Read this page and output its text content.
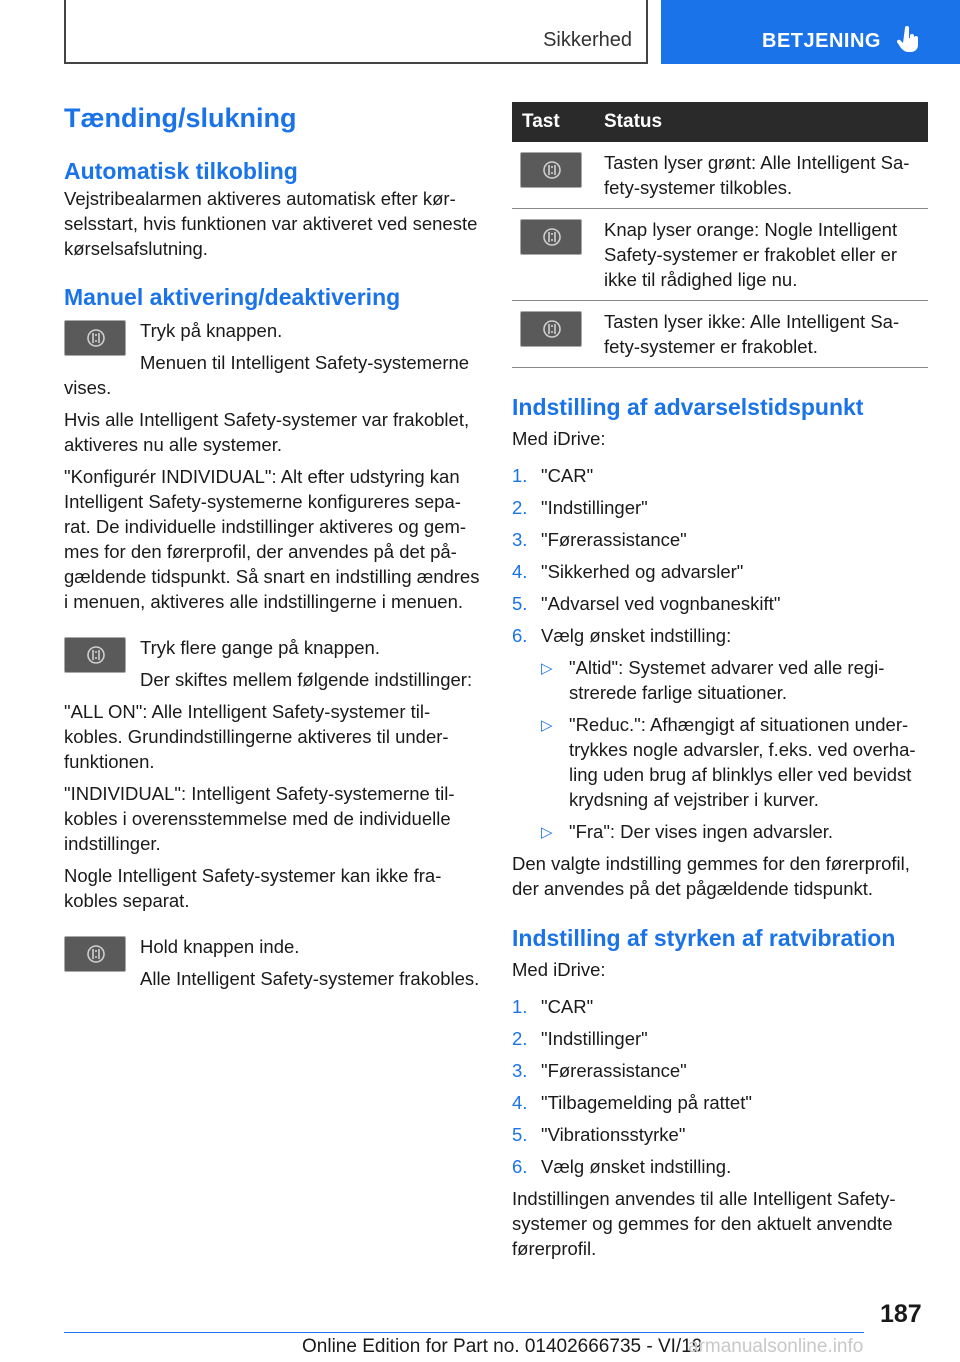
Sikkerhed	BETJENING
Tænding/slukning
Automatisk tilkobling

Vejstribealarmen aktiveres automatisk efter kørselsstart, hvis funktionen var aktiveret ved seneste kørselsafslutning.

Manuel aktivering/deaktivering

Tryk på knappen.

Menuen til Intelligent Safety-systemerne vises.

Hvis alle Intelligent Safety-systemer var frakoblet, aktiveres nu alle systemer.

"Konfigurér INDIVIDUAL": Alt efter udstyring kan Intelligent Safety-systemerne konfigureres separat. De individuelle indstillinger aktiveres og gemmes for den førerprofil, der anvendes på det pågældende tidspunkt. Så snart en indstilling ændres i menuen, aktiveres alle indstillingerne i menuen.

Tryk flere gange på knappen.

Der skiftes mellem følgende indstillinger:

"ALL ON": Alle Intelligent Safety-systemer tilkobles. Grundindstillingerne aktiveres til underfunktionen.

"INDIVIDUAL": Intelligent Safety-systemerne tilkobles i overensstemmelse med de individuelle indstillinger.

Nogle Intelligent Safety-systemer kan ikke frakobles separat.

Hold knappen inde.

Alle Intelligent Safety-systemer frakobles.

Tast	Status

	Tasten lyser grønt: Alle Intelligent Safety-systemer tilkobles.

	Knap lyser orange: Nogle Intelligent Safety-systemer er frakoblet eller er ikke til rådighed lige nu.

	Tasten lyser ikke: Alle Intelligent Safety-systemer er frakoblet.
Indstilling af advarselstidspunkt

Med iDrive:

1. "CAR"
2. "Indstillinger"
3. "Førerassistance"
4. "Sikkerhed og advarsler"
5. "Advarsel ved vognbaneskift"
6. Vælg ønsket indstilling:
▷ "Altid": Systemet advarer ved alle registrerede farlige situationer.
▷ "Reduc.": Afhængigt af situationen undertrykkes nogle advarsler, f.eks. ved overhaling uden brug af blinklys eller ved bevidst krydsning af vejstriber i kurver.
▷ "Fra": Der vises ingen advarsler.

Den valgte indstilling gemmes for den førerprofil, der anvendes på det pågældende tidspunkt.

Indstilling af styrken af ratvibration

Med iDrive:

1. "CAR"
2. "Indstillinger"
3. "Førerassistance"
4. "Tilbagemelding på rattet"
5. "Vibrationsstyrke"
6. Vælg ønsket indstilling.

Indstillingen anvendes til alle Intelligent Safety-systemer og gemmes for den aktuelt anvendte førerprofil.

187
Online Edition for Part no. 01402666735 - VI/19
armanualsonline.info
